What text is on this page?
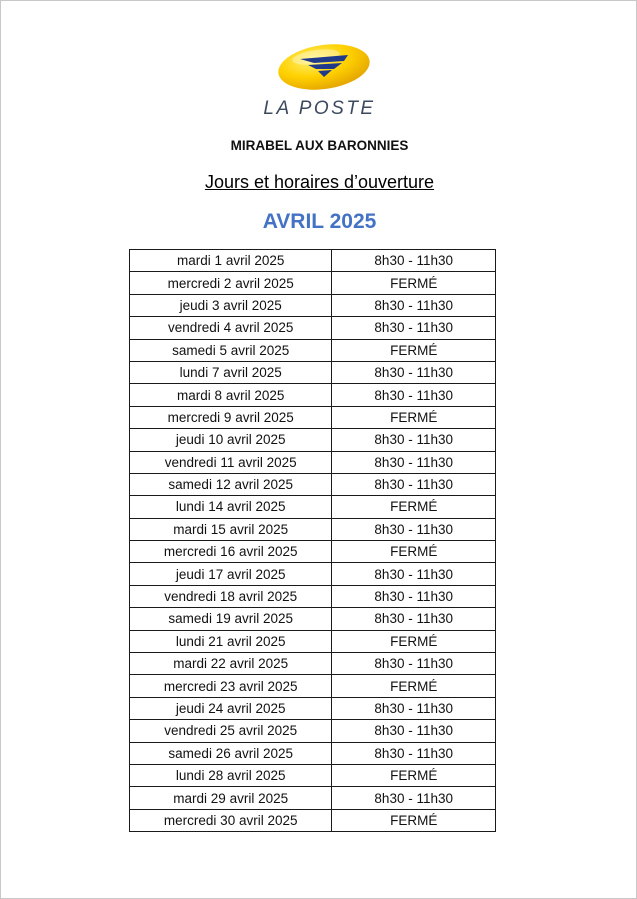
LA POSTE
MIRABEL AUX BARONNIES
Jours et horaires d’ouverture
AVRIL 2025
mardi 1 avril 2025	8h30 - 11h30
mercredi 2 avril 2025	FERMÉ
jeudi 3 avril 2025	8h30 - 11h30
vendredi 4 avril 2025	8h30 - 11h30
samedi 5 avril 2025	FERMÉ
lundi 7 avril 2025	8h30 - 11h30
mardi 8 avril 2025	8h30 - 11h30
mercredi 9 avril 2025	FERMÉ
jeudi 10 avril 2025	8h30 - 11h30
vendredi 11 avril 2025	8h30 - 11h30
samedi 12 avril 2025	8h30 - 11h30
lundi 14 avril 2025	FERMÉ
mardi 15 avril 2025	8h30 - 11h30
mercredi 16 avril 2025	FERMÉ
jeudi 17 avril 2025	8h30 - 11h30
vendredi 18 avril 2025	8h30 - 11h30
samedi 19 avril 2025	8h30 - 11h30
lundi 21 avril 2025	FERMÉ
mardi 22 avril 2025	8h30 - 11h30
mercredi 23 avril 2025	FERMÉ
jeudi 24 avril 2025	8h30 - 11h30
vendredi 25 avril 2025	8h30 - 11h30
samedi 26 avril 2025	8h30 - 11h30
lundi 28 avril 2025	FERMÉ
mardi 29 avril 2025	8h30 - 11h30
mercredi 30 avril 2025	FERMÉ
